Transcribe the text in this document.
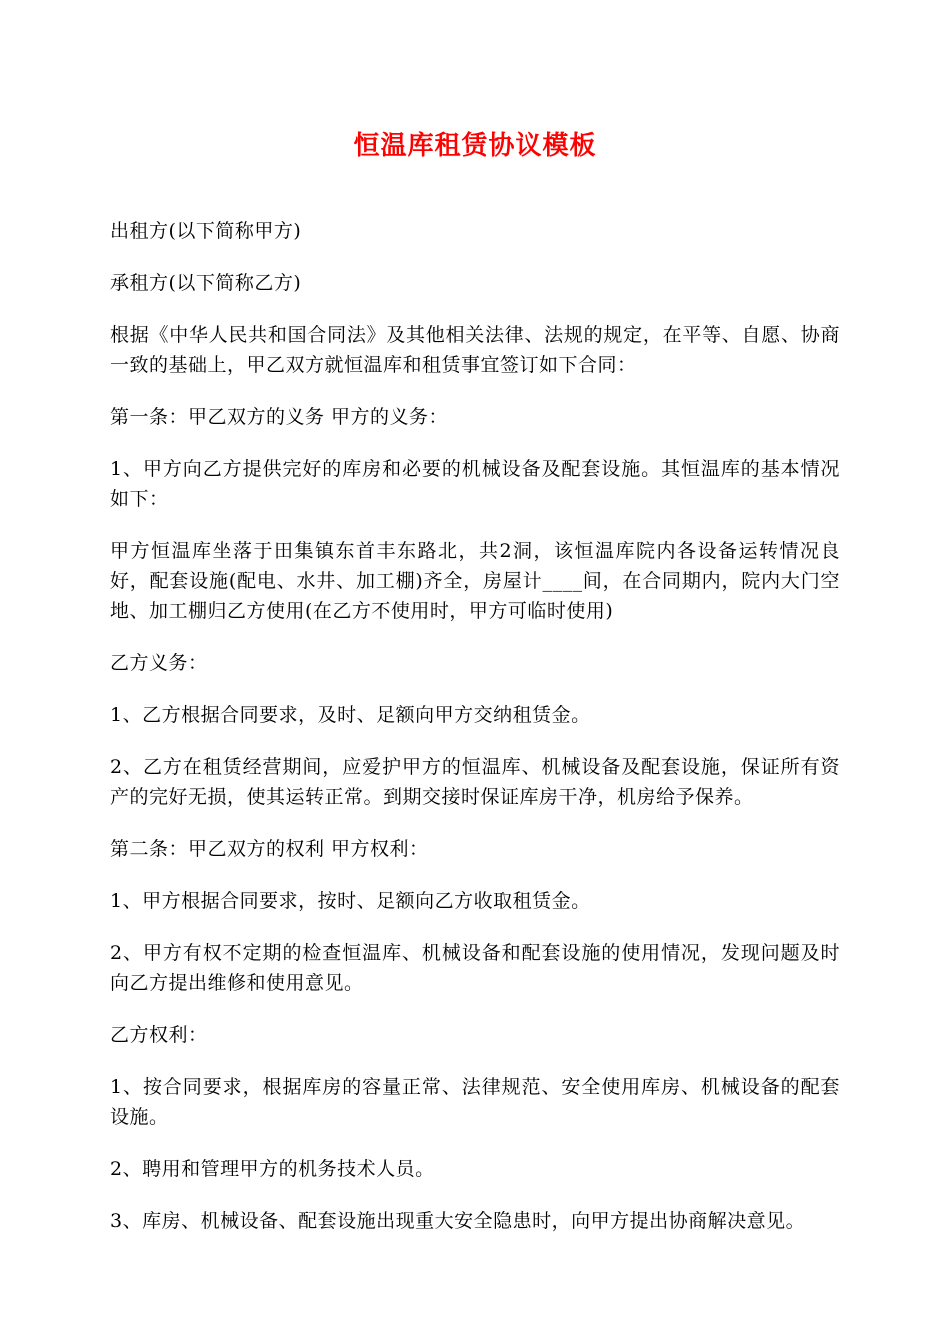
恒温库租赁协议模板

出租方(以下简称甲方)

承租方(以下简称乙方)

根据《中华人民共和国合同法》及其他相关法律、法规的规定，在平等、自愿、协商一致的基础上，甲乙双方就恒温库和租赁事宜签订如下合同：

第一条：甲乙双方的义务 甲方的义务：

1、甲方向乙方提供完好的库房和必要的机械设备及配套设施。其恒温库的基本情况如下：

甲方恒温库坐落于田集镇东首丰东路北，共2洞，该恒温库院内各设备运转情况良好，配套设施(配电、水井、加工棚)齐全，房屋计____间，在合同期内，院内大门空地、加工棚归乙方使用(在乙方不使用时，甲方可临时使用)

乙方义务：

1、乙方根据合同要求，及时、足额向甲方交纳租赁金。

2、乙方在租赁经营期间，应爱护甲方的恒温库、机械设备及配套设施，保证所有资产的完好无损，使其运转正常。到期交接时保证库房干净，机房给予保养。

第二条：甲乙双方的权利 甲方权利：

1、甲方根据合同要求，按时、足额向乙方收取租赁金。

2、甲方有权不定期的检查恒温库、机械设备和配套设施的使用情况，发现问题及时向乙方提出维修和使用意见。

乙方权利：

1、按合同要求，根据库房的容量正常、法律规范、安全使用库房、机械设备的配套设施。

2、聘用和管理甲方的机务技术人员。

3、库房、机械设备、配套设施出现重大安全隐患时，向甲方提出协商解决意见。
